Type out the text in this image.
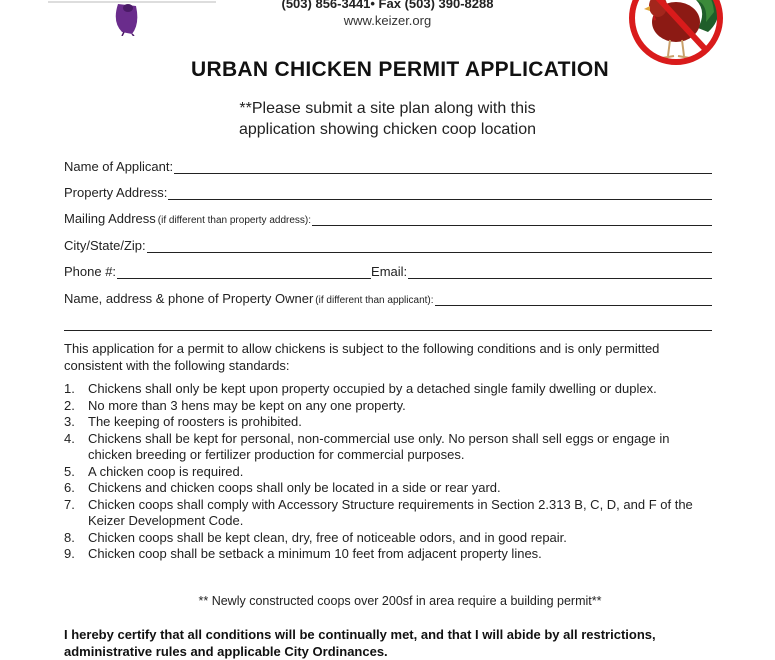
(503) 856-3441• Fax (503) 390-8288
www.keizer.org
URBAN CHICKEN PERMIT APPLICATION
**Please submit a site plan along with this
application showing chicken coop location
Name of Applicant:
Property Address:
Mailing Address (if different than property address):
City/State/Zip:
Phone #:	Email:
Name, address & phone of Property Owner (if different than applicant):
This application for a permit to allow chickens is subject to the following conditions and is only permitted consistent with the following standards:
1. Chickens shall only be kept upon property occupied by a detached single family dwelling or duplex.
2. No more than 3 hens may be kept on any one property.
3. The keeping of roosters is prohibited.
4. Chickens shall be kept for personal, non-commercial use only. No person shall sell eggs or engage in chicken breeding or fertilizer production for commercial purposes.
5. A chicken coop is required.
6. Chickens and chicken coops shall only be located in a side or rear yard.
7. Chicken coops shall comply with Accessory Structure requirements in Section 2.313 B, C, D, and F of the Keizer Development Code.
8. Chicken coops shall be kept clean, dry, free of noticeable odors, and in good repair.
9. Chicken coop shall be setback a minimum 10 feet from adjacent property lines.
** Newly constructed coops over 200sf in area require a building permit**
I hereby certify that all conditions will be continually met, and that I will abide by all restrictions, administrative rules and applicable City Ordinances.
